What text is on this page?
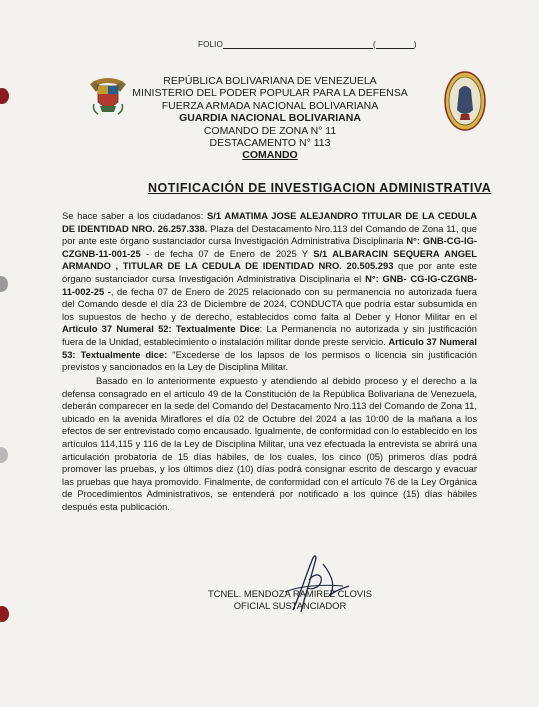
FOLIO	(	)
REPÚBLICA BOLIVARIANA DE VENEZUELA
MINISTERIO DEL PODER POPULAR PARA LA DEFENSA
FUERZA ARMADA NACIONAL BOLIVARIANA
GUARDIA NACIONAL BOLIVARIANA
COMANDO DE ZONA N° 11
DESTACAMENTO N° 113
COMANDO
NOTIFICACIÓN DE INVESTIGACION ADMINISTRATIVA
Se hace saber a los ciudadanos: S/1 AMATIMA JOSE ALEJANDRO TITULAR DE LA CEDULA DE IDENTIDAD NRO. 26.257.338. Plaza del Destacamento Nro.113 del Comando de Zona 11, que por ante este órgano sustanciador cursa Investigación Administrativa Disciplinaria N°: GNB-CG-IG-CZGNB-11-001-25 - de fecha 07 de Enero de 2025 Y S/1 ALBARACIN SEQUERA ANGEL ARMANDO , TITULAR DE LA CEDULA DE IDENTIDAD NRO. 20.505.293 que por ante este órgano sustanciador cursa Investigación Administrativa Disciplinaria el N°: GNB- CG-IG-CZGNB-11-002-25 -, de fecha 07 de Enero de 2025 relacionado con su permanencia no autorizada fuera del Comando desde el día 23 de Diciembre de 2024, CONDUCTA que podría estar subsumida en los supuestos de hecho y de derecho, establecidos como falta al Deber y Honor Militar en el Articulo 37 Numeral 52: Textualmente Dice: La Permanencia no autorizada y sin justificación fuera de la Unidad, establecimiento o instalación militar donde preste servicio. Articulo 37 Numeral 53: Textualmente dice: "Excederse de los lapsos de los permisos o licencia sin justificación previstos y sancionados en la Ley de Disciplina Militar.
Basado en lo anteriormente expuesto y atendiendo al debido proceso y el derecho a la defensa consagrado en el artículo 49 de la Constitución de la República Bolivariana de Venezuela, deberán comparecer en la sede del Comando del Destacamento Nro.113 del Comando de Zona 11, ubicado en la avenida Miraflores el día 02 de Octubre del 2024 a las 10:00 de la mañana a los efectos de ser entrevistado como encausado. Igualmente, de conformidad con lo establecido en los artículos 114,115 y 116 de la Ley de Disciplina Militar, una vez efectuada la entrevista se abrirá una articulación probatoria de 15 días hábiles, de los cuales, los cinco (05) primeros días podrá promover las pruebas, y los últimos diez (10) días podrá consignar escrito de descargo y evacuar las pruebas que haya promovido. Finalmente, de conformidad con el artículo 76 de la Ley Orgánica de Procedimientos Administrativos, se entenderá por notificado a los quince (15) días hábiles después esta publicación.
TCNEL. MENDOZA RAMIREZ CLOVIS
OFICIAL SUSTANCIADOR
